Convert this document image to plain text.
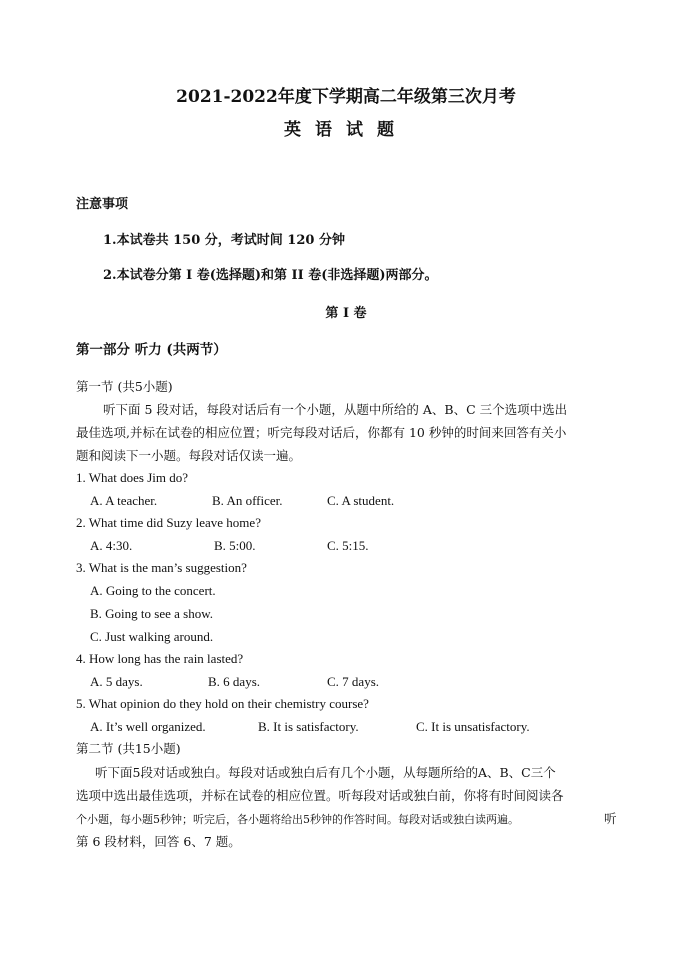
2021-2022年度下学期高二年级第三次月考
英语试题
注意事项
1.本试卷共 150 分，考试时间 120 分钟
2.本试卷分第 I 卷(选择题)和第 II 卷(非选择题)两部分。
第 I 卷
第一部分 听力 (共两节）
第一节 (共5小题)
听下面 5 段对话，每段对话后有一个小题，从题中所给的 A、B、C 三个选项中选出
最佳选项,并标在试卷的相应位置；听完每段对话后，你都有 10 秒钟的时间来回答有关小
题和阅读下一小题。每段对话仅读一遍。
1. What does Jim do?
A. A teacher.	B. An officer.	C. A student.
2. What time did Suzy leave home?
A. 4:30.	B. 5:00.	C. 5:15.
3. What is the man’s suggestion?
A. Going to the concert.
B. Going to see a show.
C. Just walking around.
4. How long has the rain lasted?
A. 5 days.	B. 6 days.	C. 7 days.
5. What opinion do they hold on their chemistry course?
A. It’s well organized.	B. It is satisfactory.	C. It is unsatisfactory.
第二节 (共15小题)
听下面5段对话或独白。每段对话或独白后有几个小题，从每题所给的A、B、C三个
选项中选出最佳选项，并标在试卷的相应位置。听每段对话或独白前，你将有时间阅读各
个小题，每小题5秒钟；听完后，各小题将给出5秒钟的作答时间。每段对话或独白读两遍。	听
第 6 段材料，回答 6、7 题。
